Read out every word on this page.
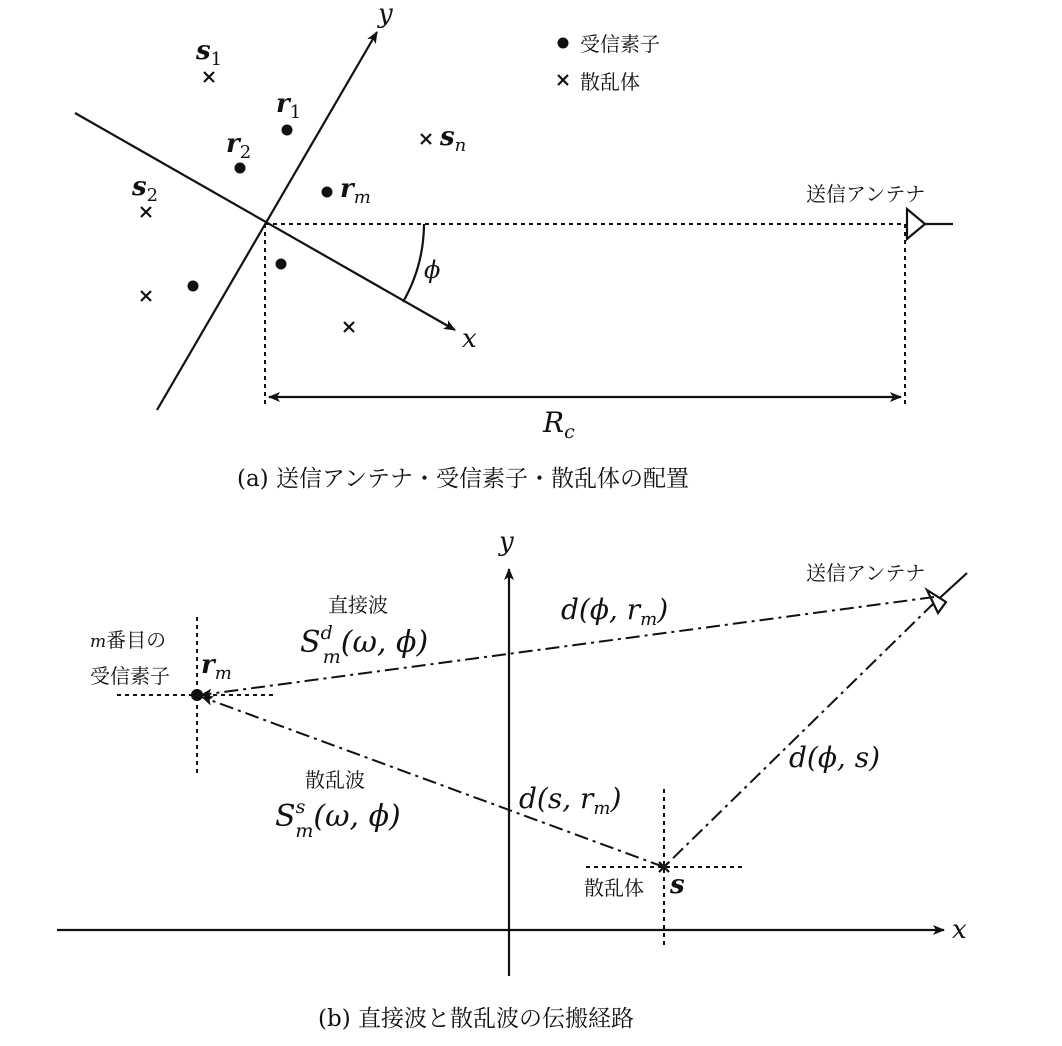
y
x
ϕ
$R_c$
送信アンテナ
受信素子
散乱体
$s_1$
$s_n$
$s_2$
$r_1$
$r_2$
$r_m$
(a) 送信アンテナ・受信素子・散乱体の配置
x
y
送信アンテナ
直接波
$S^d$ m(ω, ϕ)
散乱波
$S^s$ m(ω, ϕ)
m番目の
受信素子 $r_m$
d(ϕ, $r_m$)
d(s, $r_m$)
d(ϕ, s)
散乱体 s
(b) 直接波と散乱波の伝搬経路
